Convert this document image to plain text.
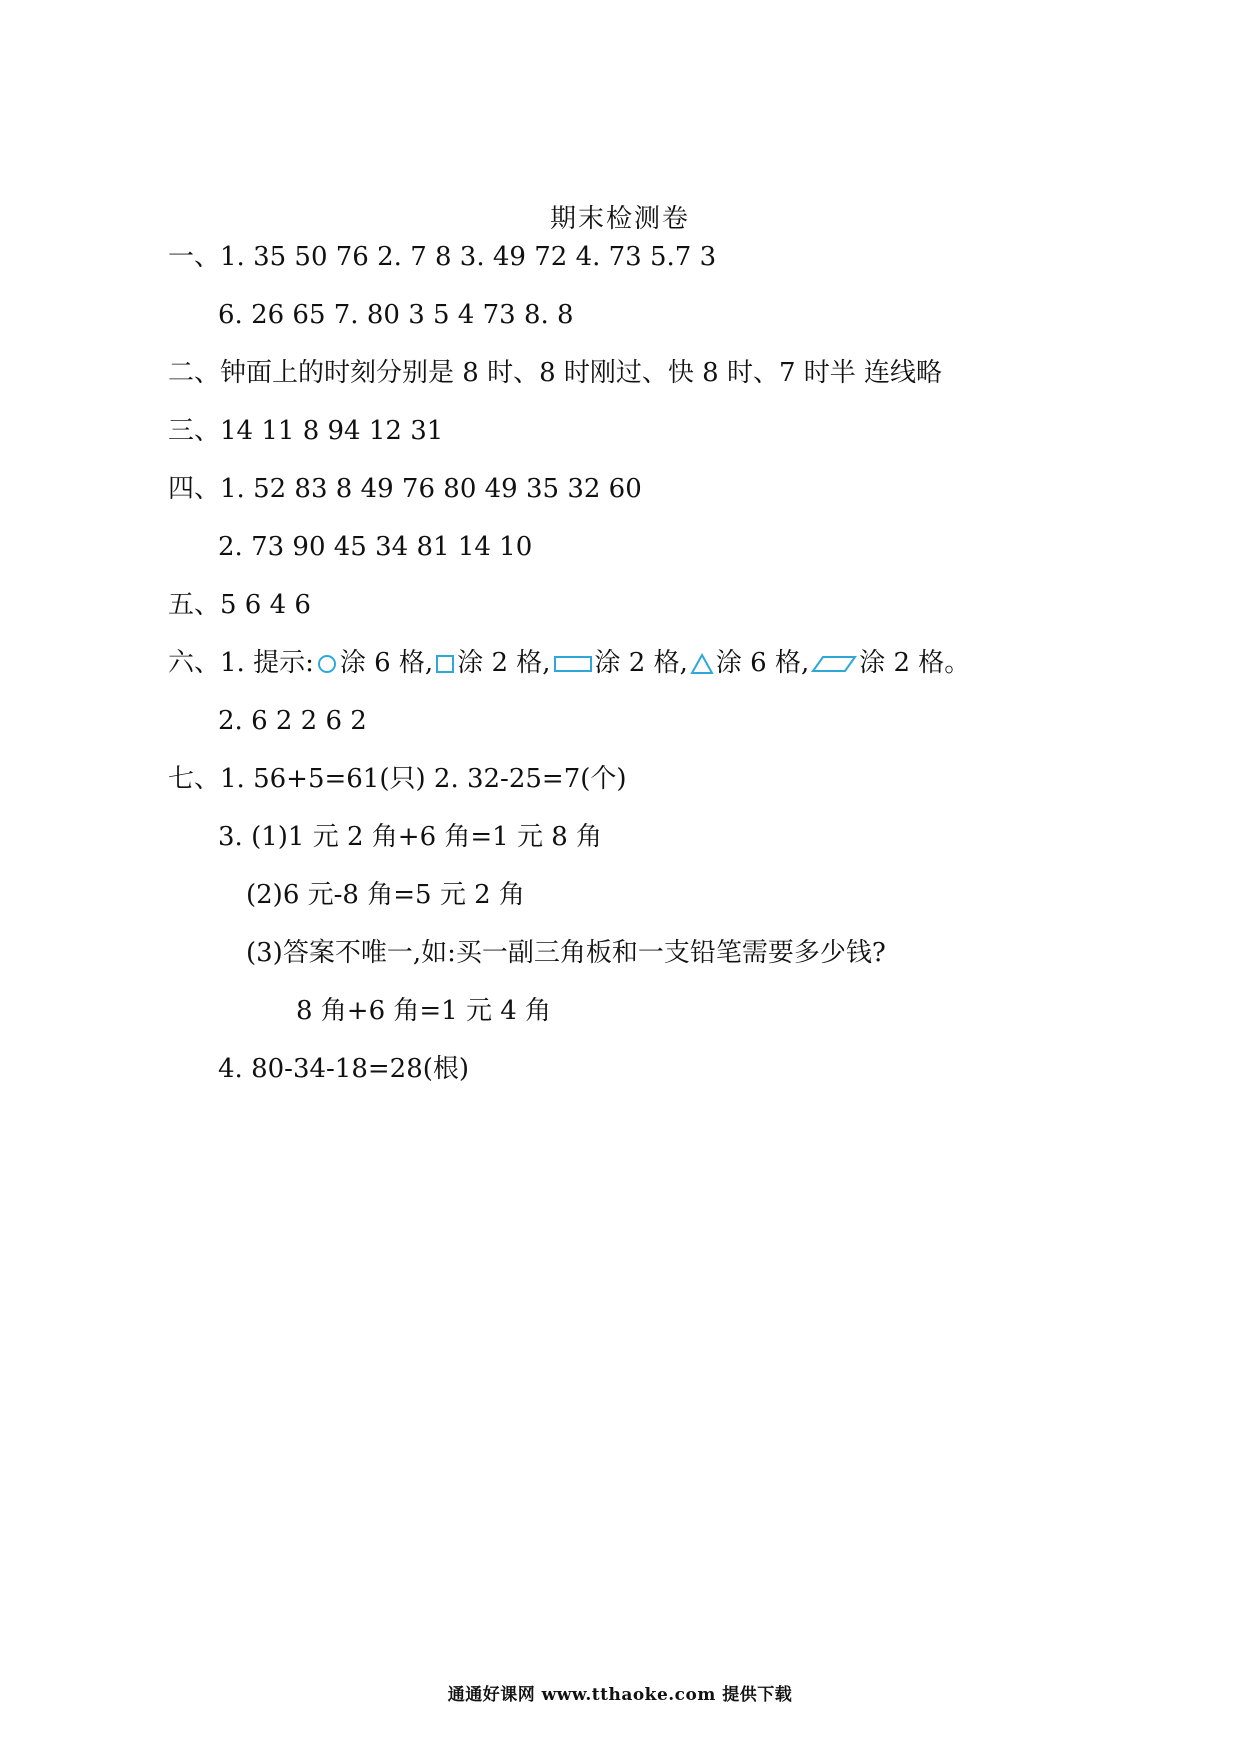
期末检测卷
一、1. 35 50 76 2. 7 8 3. 49 72 4. 73 5.7 3
6. 26 65 7. 80 3 5 4 73 8. 8
二、钟面上的时刻分别是 8 时、8 时刚过、快 8 时、7 时半 连线略
三、14 11 8 94 12 31
四、1. 52 83 8 49 76 80 49 35 32 60
2. 73 90 45 34 81 14 10
五、5 6 4 6
六、1. 提示: 涂 6 格, 涂 2 格, 涂 2 格, 涂 6 格, 涂 2 格。
2. 6 2 2 6 2
七、1. 56+5=61(只) 2. 32-25=7(个)
3. (1)1 元 2 角+6 角=1 元 8 角
(2)6 元-8 角=5 元 2 角
(3)答案不唯一,如:买一副三角板和一支铅笔需要多少钱?
8 角+6 角=1 元 4 角
4. 80-34-18=28(根)
通通好课网 www.tthaoke.com 提供下载
